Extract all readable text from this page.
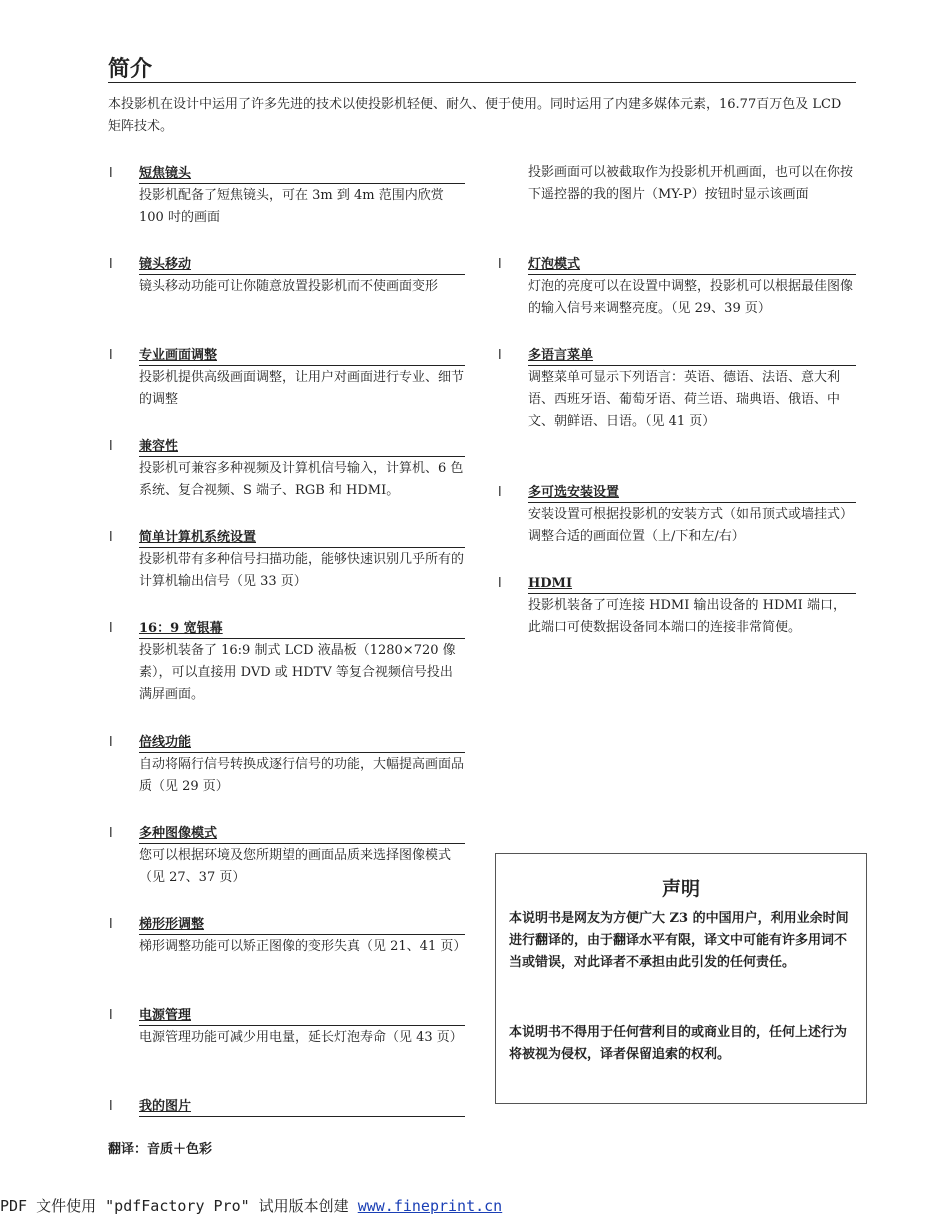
简介
本投影机在设计中运用了许多先进的技术以使投影机轻便、耐久、便于使用。同时运用了内建多媒体元素，16.77百万色及 LCD 矩阵技术。
l 短焦镜头
投影机配备了短焦镜头，可在 3m 到 4m 范围内欣赏 100 吋的画面
l 镜头移动
镜头移动功能可让你随意放置投影机而不使画面变形
l 专业画面调整
投影机提供高级画面调整，让用户对画面进行专业、细节的调整
l 兼容性
投影机可兼容多种视频及计算机信号输入，计算机、6 色系统、复合视频、S 端子、RGB 和 HDMI。
l 简单计算机系统设置
投影机带有多种信号扫描功能，能够快速识别几乎所有的计算机输出信号（见 33 页）
l 16：9 宽银幕
投影机装备了 16:9 制式 LCD 液晶板（1280×720 像素），可以直接用 DVD 或 HDTV 等复合视频信号投出满屏画面。
l 倍线功能
自动将隔行信号转换成逐行信号的功能，大幅提高画面品质（见 29 页）
l 多种图像模式
您可以根据环境及您所期望的画面品质来选择图像模式（见 27、37 页）
l 梯形形调整
梯形调整功能可以矫正图像的变形失真（见 21、41 页）
l 电源管理
电源管理功能可减少用电量，延长灯泡寿命（见 43 页）
l 我的图片
投影画面可以被截取作为投影机开机画面，也可以在你按下遥控器的我的图片（MY-P）按钮时显示该画面
l 灯泡模式
灯泡的亮度可以在设置中调整，投影机可以根据最佳图像的输入信号来调整亮度。（见 29、39 页）
l 多语言菜单
调整菜单可显示下列语言：英语、德语、法语、意大利语、西班牙语、葡萄牙语、荷兰语、瑞典语、俄语、中文、朝鲜语、日语。（见 41 页）
l 多可选安装设置
安装设置可根据投影机的安装方式（如吊顶式或墙挂式）调整合适的画面位置（上/下和左/右）
l HDMI
投影机装备了可连接 HDMI 输出设备的 HDMI 端口，此端口可使数据设备同本端口的连接非常简便。
声明
本说明书是网友为方便广大 Z3 的中国用户，利用业余时间进行翻译的，由于翻译水平有限，译文中可能有许多用词不当或错误，对此译者不承担由此引发的任何责任。
本说明书不得用于任何营利目的或商业目的，任何上述行为将被视为侵权，译者保留追索的权利。
翻译：音质＋色彩
PDF 文件使用 "pdfFactory Pro" 试用版本创建 www.fineprint.cn
